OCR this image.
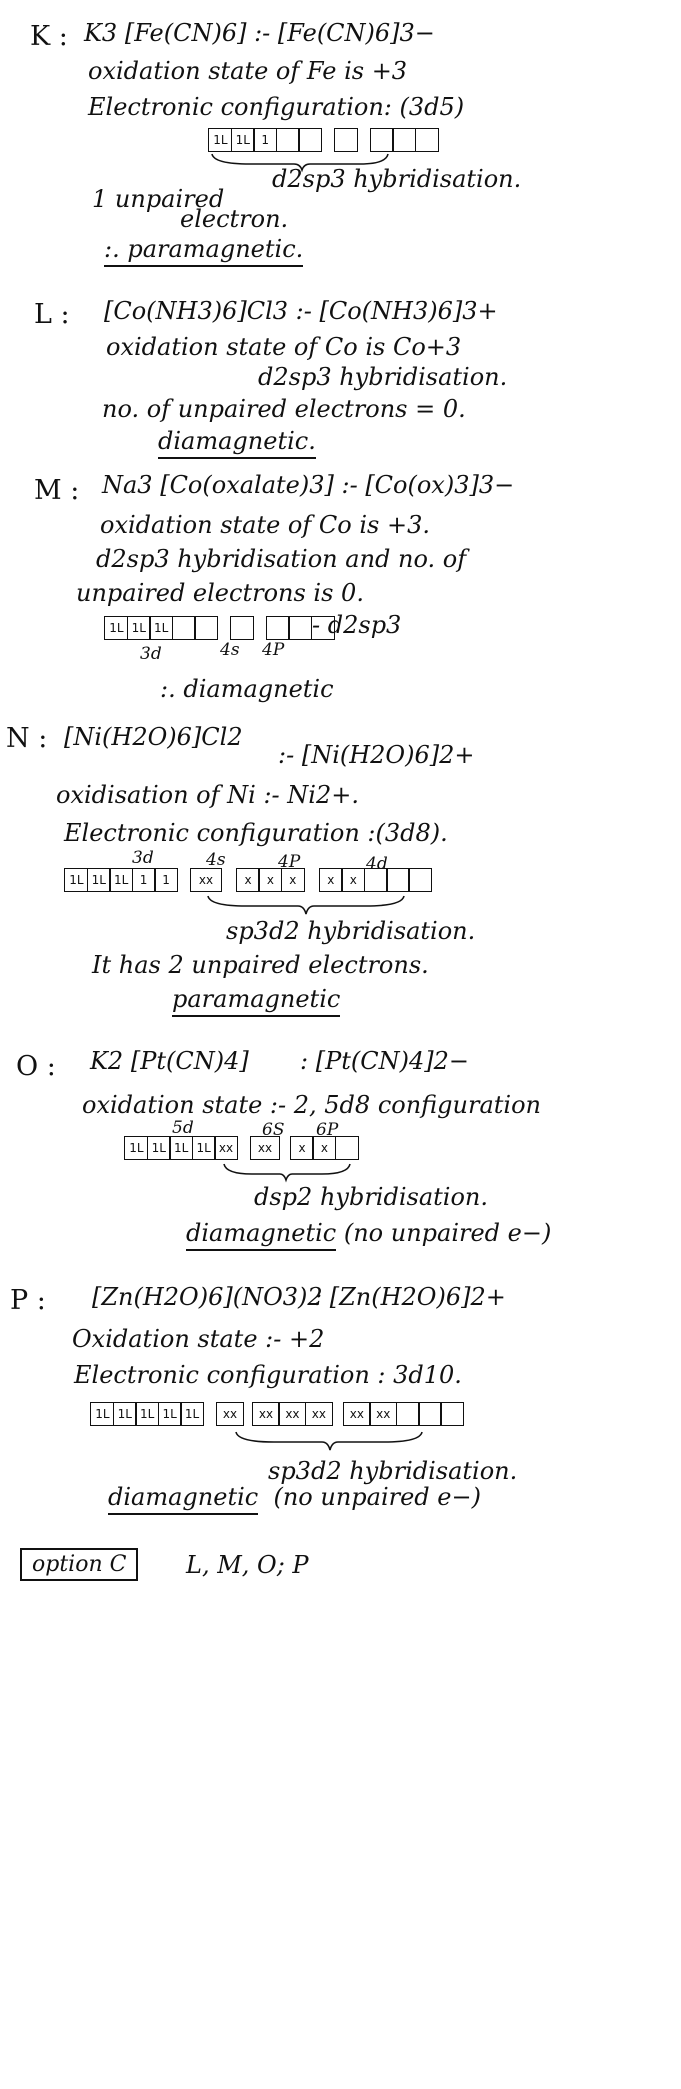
K : K3 [Fe(CN)6] :- [Fe(CN)6]3−
oxidation state of Fe is +3
Electronic configuration: (3d5)
1L 1L 1
d2sp3 hybridisation.
1 unpaired
electron.
:. paramagnetic.
L : [Co(NH3)6]Cl3 :- [Co(NH3)6]3+
oxidation state of Co is Co+3
d2sp3 hybridisation.
no. of unpaired electrons = 0.
diamagnetic.
M : Na3 [Co(oxalate)3] :- [Co(ox)3]3−
oxidation state of Co is +3.
d2sp3 hybridisation and no. of
unpaired electrons is 0.
1L 1L 1L	- d2sp3
3d	4s 4P
:. diamagnetic
N : [Ni(H2O)6]Cl2
:- [Ni(H2O)6]2+
oxidisation of Ni :- Ni2+.
Electronic configuration :(3d8).
3d	4s	4P	4d
1L 1L 1L 1	1	xx	x	x	x	x	x
sp3d2 hybridisation.
It has 2 unpaired electrons.
paramagnetic
O : K2 [Pt(CN)4] : [Pt(CN)4]2−
oxidation state :- 2, 5d8 configuration
5d	6S 6P
1L 1L 1L 1L xx	xx	x	x
dsp2 hybridisation.
diamagnetic (no unpaired e−)
P : [Zn(H2O)6](NO3)2
: [Zn(H2O)6]2+
Oxidation state :- +2
Electronic configuration : 3d10.
1L 1L 1L 1L 1L	xx	xx	xx	xx	xx	xx
sp3d2 hybridisation.
diamagnetic (no unpaired e−)
option C	L, M, O; P
